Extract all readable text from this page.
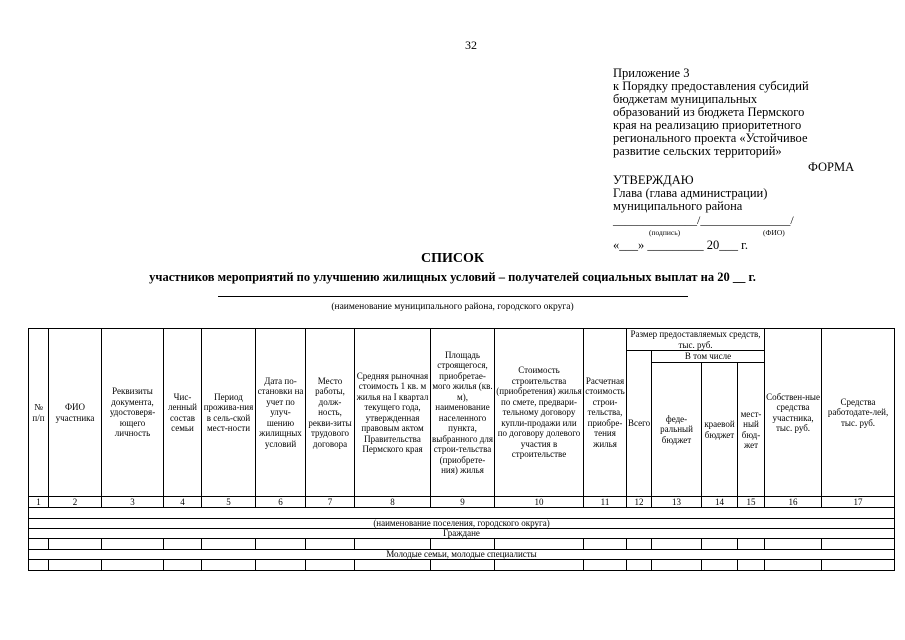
32
Приложение 3
к Порядку предоставления субсидий
бюджетам муниципальных
образований из бюджета Пермского
края на реализацию приоритетного
регионального проекта «Устойчивое
развитие сельских территорий»
ФОРМА
УТВЕРЖДАЮ
Глава (глава администрации)
муниципального района
______________/_______________/
(подпись)	(ФИО)
«___» _________ 20___ г.
СПИСОК
участников мероприятий по улучшению жилищных условий – получателей социальных выплат на 20 __ г.
(наименование муниципального района, городского округа)
№ п/п	ФИО участника	Реквизиты документа, удостоверя-ющего личность	Чис-ленный состав семьи	Период прожива-ния в сель-ской мест-ности	Дата по-становки на учет по улуч-шению жилищных условий	Место работы, долж-ность, рекви-зиты трудового договора	Средняя рыночная стоимость 1 кв. м жилья на I квартал текущего года, утвержденная правовым актом Правительства Пермского края	Площадь строящегося, приобретае-мого жилья (кв. м), наименование населенного пункта, выбранного для строи-тельства (приобрете-ния) жилья	Стоимость строительства (приобретения) жилья по смете, предвари-тельному договору купли-продажи или по договору долевого участия в строительстве	Расчетная стоимость строи-тельства, приобре-тения жилья	Размер предоставляемых средств, тыс. руб.				Собствен-ные средства участника, тыс. руб.	Средства работодате-лей, тыс. руб.
											Всего	В том числе				
												феде-ральный бюджет	краевой бюджет	мест-ный бюд-жет		
1	2	3	4	5	6	7	8	9	10	11	12	13	14	15	16	17

(наименование поселения, городского округа)																
Граждане																

Молодые семьи, молодые специалисты																
